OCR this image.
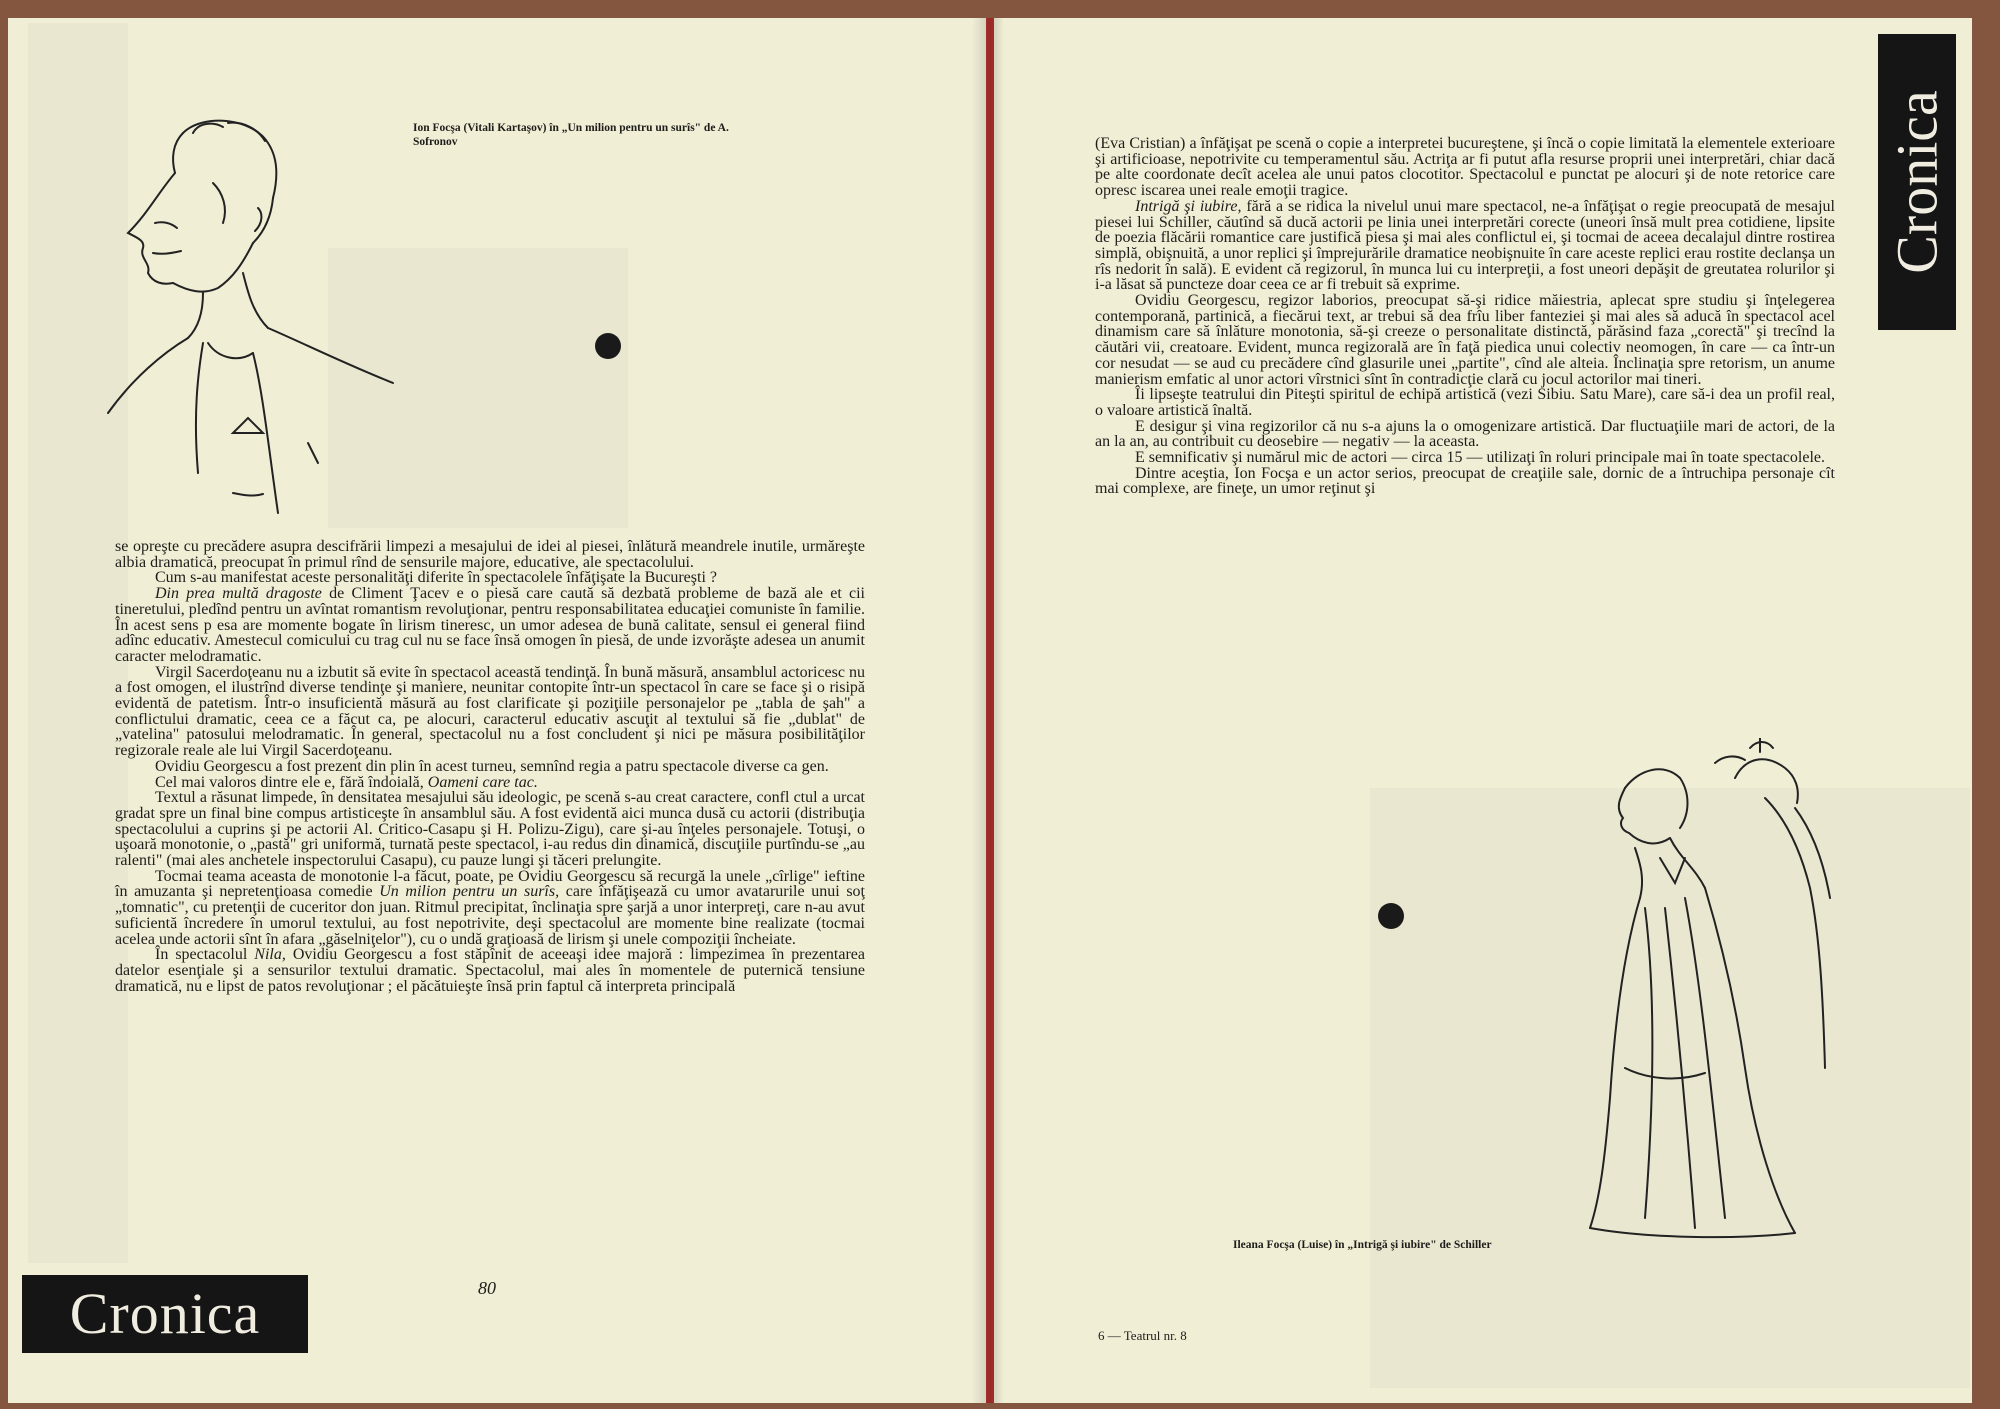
Ion Focşa (Vitali Kartaşov) în „Un milion pentru un surîs" de A. Sofronov

se opreşte cu precădere asupra descifrării limpezi a mesajului de idei al piesei, înlătură meandrele inutile, urmăreşte albia dramatică, preocupat în primul rînd de sensurile majore, educative, ale spectacolului.

Cum s-au manifestat aceste personalităţi diferite în spectacolele înfăţişate la Bucureşti ?

Din prea multă dragoste de Climent Ţacev e o piesă care caută să dezbată probleme de bază ale et cii tineretului, pledînd pentru un avîntat romantism revoluţionar, pentru responsabilitatea educaţiei comuniste în familie. În acest sens p esa are momente bogate în lirism tineresc, un umor adesea de bună calitate, sensul ei general fiind adînc educativ. Amestecul comicului cu trag cul nu se face însă omogen în piesă, de unde izvorăşte adesea un anumit caracter melodramatic.

Virgil Sacerdoţeanu nu a izbutit să evite în spectacol această tendinţă. În bună măsură, ansamblul actoricesc nu a fost omogen, el ilustrînd diverse tendinţe şi maniere, neunitar contopite într-un spectacol în care se face şi o risipă evidentă de patetism. Într-o insuficientă măsură au fost clarificate şi poziţiile personajelor pe „tabla de şah" a conflictului dramatic, ceea ce a făcut ca, pe alocuri, caracterul educativ ascuţit al textului să fie „dublat" de „vatelina" patosului melodramatic. În general, spectacolul nu a fost concludent şi nici pe măsura posibilităţilor regizorale reale ale lui Virgil Sacerdoţeanu.

Ovidiu Georgescu a fost prezent din plin în acest turneu, semnînd regia a patru spectacole diverse ca gen.

Cel mai valoros dintre ele e, fără îndoială, Oameni care tac.

Textul a răsunat limpede, în densitatea mesajului său ideologic, pe scenă s-au creat caractere, confl ctul a urcat gradat spre un final bine compus artisticeşte în ansamblul său. A fost evidentă aici munca dusă cu actorii (distribuţia spectacolului a cuprins şi pe actorii Al. Critico-Casapu şi H. Polizu-Zigu), care şi-au înţeles personajele. Totuşi, o uşoară monotonie, o „pastă" gri uniformă, turnată peste spectacol, i-au redus din dinamică, discuţiile purtîndu-se „au ralenti" (mai ales anchetele inspectorului Casapu), cu pauze lungi şi tăceri prelungite.

Tocmai teama aceasta de monotonie l-a făcut, poate, pe Ovidiu Georgescu să recurgă la unele „cîrlige" ieftine în amuzanta şi nepretenţioasa comedie Un milion pentru un surîs, care înfăţişează cu umor avatarurile unui soţ „tomnatic", cu pretenţii de cuceritor don juan. Ritmul precipitat, înclinaţia spre şarjă a unor interpreţi, care n-au avut suficientă încredere în umorul textului, au fost nepotrivite, deşi spectacolul are momente bine realizate (tocmai acelea unde actorii sînt în afara „găselniţelor"), cu o undă graţioasă de lirism şi unele compoziţii încheiate.

În spectacolul Nila, Ovidiu Georgescu a fost stăpînit de aceeaşi idee majoră : limpezimea în prezentarea datelor esenţiale şi a sensurilor textului dramatic. Spectacolul, mai ales în momentele de puternică tensiune dramatică, nu e lipst de patos revoluţionar ; el păcătuieşte însă prin faptul că interpreta principală

80
Cronica
Cronica

(Eva Cristian) a înfăţişat pe scenă o copie a interpretei bucureştene, şi încă o copie limitată la elementele exterioare şi artificioase, nepotrivite cu temperamentul său. Actriţa ar fi putut afla resurse proprii unei interpretări, chiar dacă pe alte coordonate decît acelea ale unui patos clocotitor. Spectacolul e punctat pe alocuri şi de note retorice care opresc iscarea unei reale emoţii tragice.

Intrigă şi iubire, fără a se ridica la nivelul unui mare spectacol, ne-a înfăţişat o regie preocupată de mesajul piesei lui Schiller, căutînd să ducă actorii pe linia unei interpretări corecte (uneori însă mult prea cotidiene, lipsite de poezia flăcării romantice care justifică piesa şi mai ales conflictul ei, şi tocmai de aceea decalajul dintre rostirea simplă, obişnuită, a unor replici şi împrejurările dramatice neobişnuite în care aceste replici erau rostite declanşa un rîs nedorit în sală). E evident că regizorul, în munca lui cu interpreţii, a fost uneori depăşit de greutatea rolurilor şi i-a lăsat să puncteze doar ceea ce ar fi trebuit să exprime.

Ovidiu Georgescu, regizor laborios, preocupat să-şi ridice măiestria, aplecat spre studiu şi înţelegerea contemporană, partinică, a fiecărui text, ar trebui să dea frîu liber fanteziei şi mai ales să aducă în spectacol acel dinamism care să înlăture monotonia, să-şi creeze o personalitate distinctă, părăsind faza „corectă" şi trecînd la căutări vii, creatoare. Evident, munca regizorală are în faţă piedica unui colectiv neomogen, în care — ca într-un cor nesudat — se aud cu precădere cînd glasurile unei „partite", cînd ale alteia. Înclinaţia spre retorism, un anume manierism emfatic al unor actori vîrstnici sînt în contradicţie clară cu jocul actorilor mai tineri.

Îi lipseşte teatrului din Piteşti spiritul de echipă artistică (vezi Sibiu. Satu Mare), care să-i dea un profil real, o valoare artistică înaltă.

E desigur şi vina regizorilor că nu s-a ajuns la o omogenizare artistică. Dar fluctuaţiile mari de actori, de la an la an, au contribuit cu deosebire — negativ — la aceasta.

E semnificativ şi numărul mic de actori — circa 15 — utilizaţi în roluri principale mai în toate spectacolele.

Dintre aceştia, Ion Focşa e un actor serios, preocupat de creaţiile sale, dornic de a întruchipa personaje cît mai complexe, are fineţe, un umor reţinut şi

Ileana Focşa (Luise) în „Intrigă şi iubire" de Schiller
6 — Teatrul nr. 8
